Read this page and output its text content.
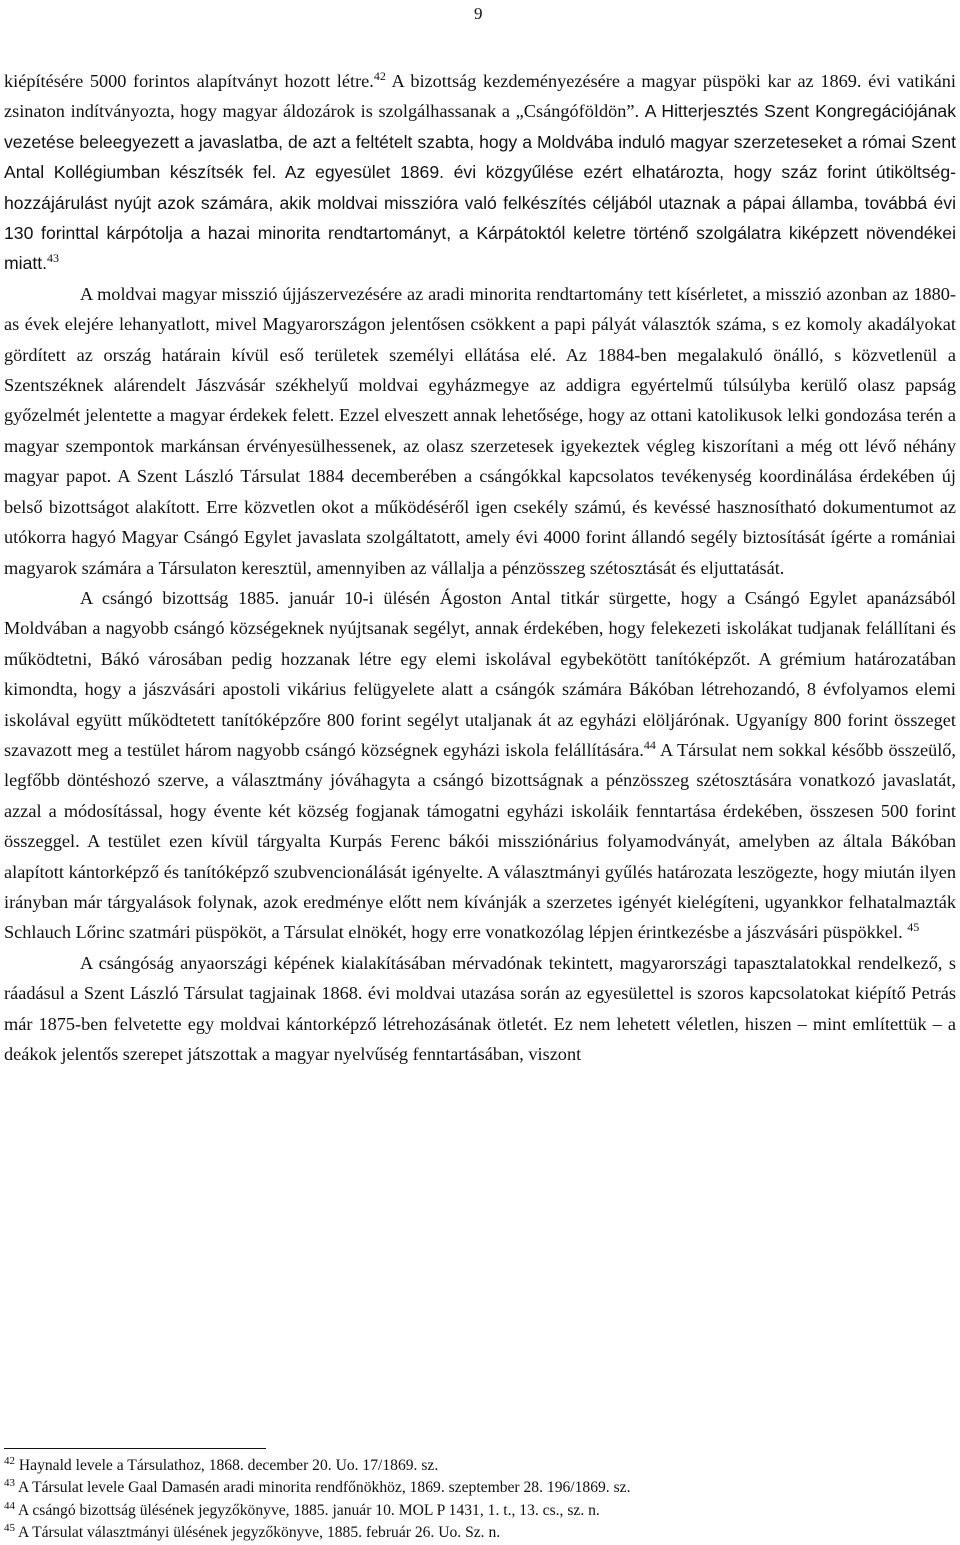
9

kiépítésére 5000 forintos alapítványt hozott létre.$^{42}$ A bizottság kezdeményezésére a magyar püspöki kar az 1869. évi vatikáni zsinaton indítványozta, hogy magyar áldozárok is szolgálhassanak a „Csángóföldön”. A Hitterjesztés Szent Kongregációjának vezetése beleegyezett a javaslatba, de azt a feltételt szabta, hogy a Moldvába induló magyar szerzeteseket a római Szent Antal Kollégiumban készítsék fel. Az egyesület 1869. évi közgyűlése ezért elhatározta, hogy száz forint útiköltség-hozzájárulást nyújt azok számára, akik moldvai misszióra való felkészítés céljából utaznak a pápai államba, továbbá évi 130 forinttal kárpótolja a hazai minorita rendtartományt, a Kárpátoktól keletre történő szolgálatra kiképzett növendékei miatt.$^{43}$

A moldvai magyar misszió újjászervezésére az aradi minorita rendtartomány tett kísérletet, a misszió azonban az 1880-as évek elejére lehanyatlott, mivel Magyarországon jelentősen csökkent a papi pályát választók száma, s ez komoly akadályokat gördített az ország határain kívül eső területek személyi ellátása elé. Az 1884-ben megalakuló önálló, s közvetlenül a Szentszéknek alárendelt Jászvásár székhelyű moldvai egyházmegye az addigra egyértelmű túlsúlyba kerülő olasz papság győzelmét jelentette a magyar érdekek felett. Ezzel elveszett annak lehetősége, hogy az ottani katolikusok lelki gondozása terén a magyar szempontok markánsan érvényesülhessenek, az olasz szerzetesek igyekeztek végleg kiszorítani a még ott lévő néhány magyar papot. A Szent László Társulat 1884 decemberében a csángókkal kapcsolatos tevékenység koordinálása érdekében új belső bizottságot alakított. Erre közvetlen okot a működéséről igen csekély számú, és kevéssé hasznosítható dokumentumot az utókorra hagyó Magyar Csángó Egylet javaslata szolgáltatott, amely évi 4000 forint állandó segély biztosítását ígérte a romániai magyarok számára a Társulaton keresztül, amennyiben az vállalja a pénzösszeg szétosztását és eljuttatását.

A csángó bizottság 1885. január 10-i ülésén Ágoston Antal titkár sürgette, hogy a Csángó Egylet apanázsából Moldvában a nagyobb csángó községeknek nyújtsanak segélyt, annak érdekében, hogy felekezeti iskolákat tudjanak felállítani és működtetni, Bákó városában pedig hozzanak létre egy elemi iskolával egybekötött tanítóképzőt. A grémium határozatában kimondta, hogy a jászvásári apostoli vikárius felügyelete alatt a csángók számára Bákóban létrehozandó, 8 évfolyamos elemi iskolával együtt működtetett tanítóképzőre 800 forint segélyt utaljanak át az egyházi elöljárónak. Ugyanígy 800 forint összeget szavazott meg a testület három nagyobb csángó községnek egyházi iskola felállítására.$^{44}$ A Társulat nem sokkal később összeülő, legfőbb döntéshozó szerve, a választmány jóváhagyta a csángó bizottságnak a pénzösszeg szétosztására vonatkozó javaslatát, azzal a módosítással, hogy évente két község fogjanak támogatni egyházi iskoláik fenntartása érdekében, összesen 500 forint összeggel. A testület ezen kívül tárgyalta Kurpás Ferenc bákói missziónárius folyamodványát, amelyben az általa Bákóban alapított kántorképző és tanítóképző szubvencionálását igényelte. A választmányi gyűlés határozata leszögezte, hogy miután ilyen irányban már tárgyalások folynak, azok eredménye előtt nem kívánják a szerzetes igényét kielégíteni, ugyankkor felhatalmazták Schlauch Lőrinc szatmári püspököt, a Társulat elnökét, hogy erre vonatkozólag lépjen érintkezésbe a jászvásári püspökkel. $^{45}$

A csángóság anyaországi képének kialakításában mérvadónak tekintett, magyarországi tapasztalatokkal rendelkező, s ráadásul a Szent László Társulat tagjainak 1868. évi moldvai utazása során az egyesülettel is szoros kapcsolatokat kiépítő Petrás már 1875-ben felvetette egy moldvai kántorképző létrehozásának ötletét. Ez nem lehetett véletlen, hiszen – mint említettük – a deákok jelentős szerepet játszottak a magyar nyelvűség fenntartásában, viszont

$^{42}$ Haynald levele a Társulathoz, 1868. december 20. Uo. 17/1869. sz.

$^{43}$ A Társulat levele Gaal Damasén aradi minorita rendfőnökhöz, 1869. szeptember 28. 196/1869. sz.

$^{44}$ A csángó bizottság ülésének jegyzőkönyve, 1885. január 10. MOL P 1431, 1. t., 13. cs., sz. n.

$^{45}$ A Társulat választmányi ülésének jegyzőkönyve, 1885. február 26. Uo. Sz. n.
